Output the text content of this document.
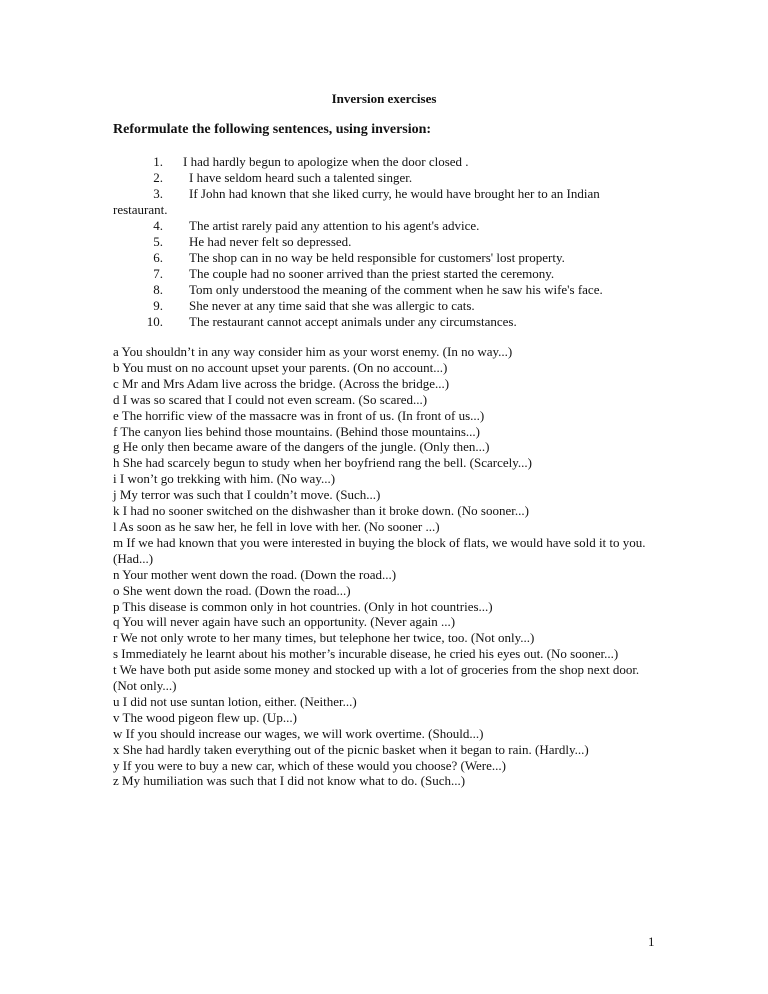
Inversion exercises
Reformulate the following sentences, using inversion:
1. I had hardly begun to apologize when the door closed .
2. I have seldom heard such a talented singer.
3. If John had known that she liked curry, he would have brought her to an Indian
restaurant.
4. The artist rarely paid any attention to his agent's advice.
5. He had never felt so depressed.
6. The shop can in no way be held responsible for customers' lost property.
7. The couple had no sooner arrived than the priest started the ceremony.
8. Tom only understood the meaning of the comment when he saw his wife's face.
9. She never at any time said that she was allergic to cats.
10. The restaurant cannot accept animals under any circumstances.
a You shouldn’t in any way consider him as your worst enemy. (In no way...)
b You must on no account upset your parents. (On no account...)
c Mr and Mrs Adam live across the bridge. (Across the bridge...)
d I was so scared that I could not even scream. (So scared...)
e The horrific view of the massacre was in front of us. (In front of us...)
f The canyon lies behind those mountains. (Behind those mountains...)
g He only then became aware of the dangers of the jungle. (Only then...)
h She had scarcely begun to study when her boyfriend rang the bell. (Scarcely...)
i I won’t go trekking with him. (No way...)
j My terror was such that I couldn’t move. (Such...)
k I had no sooner switched on the dishwasher than it broke down. (No sooner...)
l As soon as he saw her, he fell in love with her. (No sooner ...)
m If we had known that you were interested in buying the block of flats, we would have sold it to you. (Had...)
n Your mother went down the road. (Down the road...)
o She went down the road. (Down the road...)
p This disease is common only in hot countries. (Only in hot countries...)
q You will never again have such an opportunity. (Never again ...)
r We not only wrote to her many times, but telephone her twice, too. (Not only...)
s Immediately he learnt about his mother’s incurable disease, he cried his eyes out. (No sooner...)
t We have both put aside some money and stocked up with a lot of groceries from the shop next door. (Not only...)
u I did not use suntan lotion, either. (Neither...)
v The wood pigeon flew up. (Up...)
w If you should increase our wages, we will work overtime. (Should...)
x She had hardly taken everything out of the picnic basket when it began to rain. (Hardly...)
y If you were to buy a new car, which of these would you choose? (Were...)
z My humiliation was such that I did not know what to do. (Such...)
1
